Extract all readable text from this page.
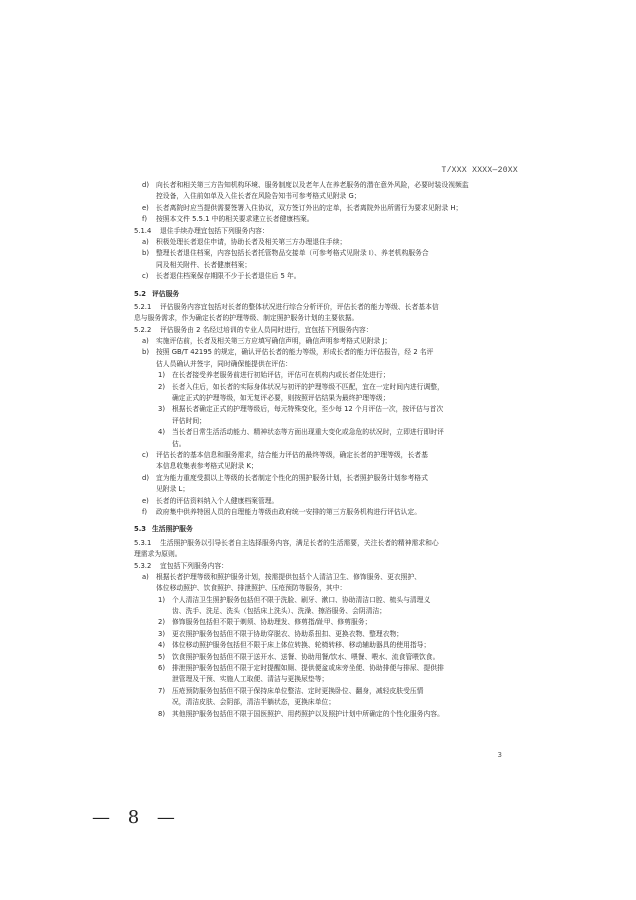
T/XXX XXXX—20XX
d) 向长者和相关第三方告知机构环境、服务制度以及老年人在养老服务的潜在意外风险，必要时装设视频监
控设备，入住前如单及入住长者在风险告知书可参考格式见附录 G；
e) 长者离院时应当提供需要签署入住协议，双方签订外出的定单，长者离院外出所需行为要求见附录 H；
f) 按照本文件 5.5.1 中的相关要求建立长者健康档案。
5.1.4 退住手续办理宜包括下列服务内容：
a) 积极处理长者退住申请，协助长者及相关第三方办理退住手续；
b) 整理长者退住档案，内容包括长者托管物品交接单（可参考格式见附录 I）、养老机构服务合
同及相关附件、长者健康档案；
c) 长者退住档案保存期限不少于长者退住后 5 年。
5.2 评估服务
5.2.1 评估服务内容宜包括对长者的整体状况进行综合分析评价，评估长者的能力等级、长者基本信
息与服务需求，作为确定长者的护理等级、制定照护服务计划的主要依据。
5.2.2 评估服务由 2 名经过培训的专业人员同时进行，宜包括下列服务内容：
a) 实施评估前，长者及相关第三方应填写确信声明，确信声明参考格式见附录 J；
b) 按照 GB/T 42195 的规定，确认评估长者的能力等级，形成长者的能力评估报告，经 2 名评
估人员确认并签字，同时确保能提供在评估：
1) 在长者接受养老服务前进行初始评估，评估可在机构内或长者住处进行；
2) 长者入住后，如长者的实际身体状况与初评的护理等级不匹配，宜在一定时间内进行调整，
确定正式的护理等级，如无复评必要，则按照评估结果为最终护理等级；
3) 根据长者确定正式的护理等级后，每元特殊变化，至少每 12 个月评估一次，按评估与首次
评估时间；
4) 当长者日常生活活动能力、精神状态等方面出现重大变化或急危的状况时，立即进行即时评
估。
c) 评估长者的基本信息和服务需求，结合能力评估的最终等级，确定长者的护理等级，长者基
本信息收集表参考格式见附录 K；
d) 宜为能力重度受损以上等级的长者制定个性化的照护服务计划，长者照护服务计划参考格式
见附录 L；
e) 长者的评估资料纳入个人健康档案管理。
f) 政府集中供养特困人员的自理能力等级由政府统一安排的第三方服务机构进行评估认定。
5.3 生活照护服务
5.3.1 生活照护服务以引导长者自主选择服务内容，满足长者的生活需要，关注长者的精神需求和心
理需求为原则。
5.3.2 宜包括下列服务内容：
a) 根据长者护理等级和照护服务计划，按需提供包括个人清洁卫生、修饰服务、更衣照护、
体位移动照护、饮食照护、排泄照护、压疮预防等服务，其中：
1) 个人清洁卫生照护服务包括但不限于洗脸、刷牙、漱口、协助清洁口腔、梳头与清理义
齿、洗手、洗足、洗头（包括床上洗头）、洗澡、擦浴服务、会阴清洁；
2) 修饰服务包括但不限于剃须、协助理发、修剪指/趾甲、修剪服务；
3) 更衣照护服务包括但不限于协助穿脱衣、协助系扭扣、更换衣物、整理衣物；
4) 体位移动照护服务包括但不限于床上体位转换、轮椅转移、移动辅助器具的使用指导；
5) 饮食照护服务包括但不限于送开水、送餐、协助用餐/饮水、喂餐、喂水、流食管喂饮食。
6) 排泄照护服务包括但不限于定时提醒如厕、提供便盆或床旁坐便、协助排便与排尿、提供排
泄管理及干预、实施人工取便、清洁与更换尿垫等；
7) 压疮预防服务包括但不限于保持床单位整洁、定时更换卧位、翻身，减轻皮肤受压情
况，清洁皮肤、会阴部，清洁半躺状态，更换床单位；
8) 其他照护服务包括但不限于国医照护、用药照护以及照护计划中所确定的个性化服务内容。
3
— 8 —
